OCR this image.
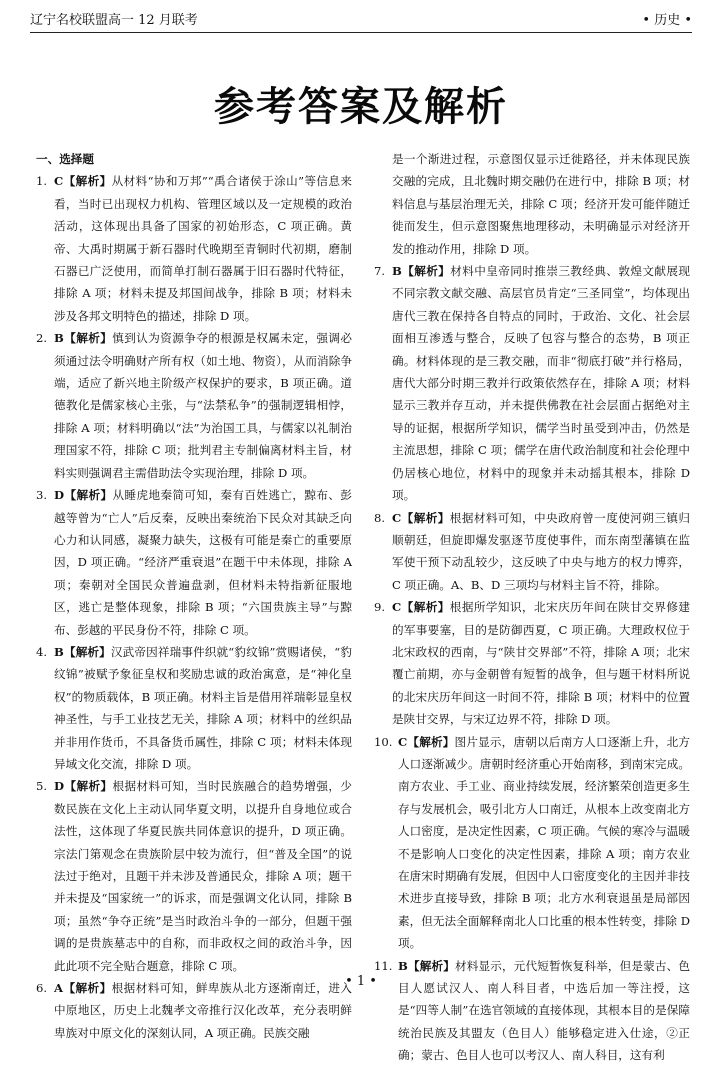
辽宁名校联盟高一 12 月联考	• 历史 •
参考答案及解析
一、选择题
1. C【解析】从材料“协和万邦”“禹合诸侯于涂山”等信息来看，当时已出现权力机构、管理区域以及一定规模的政治活动，这体现出具备了国家的初始形态，C 项正确。黄帝、大禹时期属于新石器时代晚期至青铜时代初期，磨制石器已广泛使用，而简单打制石器属于旧石器时代特征，排除 A 项；材料未提及邦国间战争，排除 B 项；材料未涉及各邦文明特色的描述，排除 D 项。
2. B【解析】慎到认为资源争夺的根源是权属未定，强调必须通过法令明确财产所有权（如土地、物资），从而消除争端，适应了新兴地主阶级产权保护的要求，B 项正确。道德教化是儒家核心主张，与“法禁私争”的强制逻辑相悖，排除 A 项；材料明确以“法”为治国工具，与儒家以礼制治理国家不符，排除 C 项；批判君主专制偏离材料主旨，材料实则强调君主需借助法令实现治理，排除 D 项。
3. D【解析】从睡虎地秦简可知，秦有百姓逃亡，黥布、彭越等曾为“亡人”后反秦，反映出秦统治下民众对其缺乏向心力和认同感，凝聚力缺失，这极有可能是秦亡的重要原因，D 项正确。“经济严重衰退”在题干中未体现，排除 A 项；秦朝对全国民众普遍盘剥，但材料未特指新征服地区，逃亡是整体现象，排除 B 项；“六国贵族主导”与黥布、彭越的平民身份不符，排除 C 项。
4. B【解析】汉武帝因祥瑞事件织就“豹纹锦”赏赐诸侯，“豹纹锦”被赋予象征皇权和奖励忠诚的政治寓意，是“神化皇权”的物质载体，B 项正确。材料主旨是借用祥瑞彰显皇权神圣性，与手工业技艺无关，排除 A 项；材料中的丝织品并非用作货币，不具备货币属性，排除 C 项；材料未体现异域文化交流，排除 D 项。
5. D【解析】根据材料可知，当时民族融合的趋势增强，少数民族在文化上主动认同华夏文明，以提升自身地位或合法性，这体现了华夏民族共同体意识的提升，D 项正确。宗法门第观念在贵族阶层中较为流行，但“普及全国”的说法过于绝对，且题干并未涉及普通民众，排除 A 项；题干并未提及“国家统一”的诉求，而是强调文化认同，排除 B 项；虽然“争夺正统”是当时政治斗争的一部分，但题干强调的是贵族墓志中的自称，而非政权之间的政治斗争，因此此项不完全贴合题意，排除 C 项。
6. A【解析】根据材料可知，鲜卑族从北方逐渐南迁，进入中原地区，历史上北魏孝文帝推行汉化改革，充分表明鲜卑族对中原文化的深刻认同，A 项正确。民族交融
是一个渐进过程，示意图仅显示迁徙路径，并未体现民族交融的完成，且北魏时期交融仍在进行中，排除 B 项；材料信息与基层治理无关，排除 C 项；经济开发可能伴随迁徙而发生，但示意图聚焦地理移动，未明确显示对经济开发的推动作用，排除 D 项。
7. B【解析】材料中皇帝同时推崇三教经典、敦煌文献展现不同宗教文献交融、高层官员肯定“三圣同堂”，均体现出唐代三教在保持各自特点的同时，于政治、文化、社会层面相互渗透与整合，反映了包容与整合的态势，B 项正确。材料体现的是三教交融，而非“彻底打破”并行格局，唐代大部分时期三教并行政策依然存在，排除 A 项；材料显示三教并存互动，并未提供佛教在社会层面占据绝对主导的证据，根据所学知识，儒学当时虽受到冲击，仍然是主流思想，排除 C 项；儒学在唐代政治制度和社会伦理中仍居核心地位，材料中的现象并未动摇其根本，排除 D 项。
8. C【解析】根据材料可知，中央政府曾一度使河朔三镇归顺朝廷，但旋即爆发驱逐节度使事件，而东南型藩镇在监军使干预下动乱较少，这反映了中央与地方的权力博弈，C 项正确。A、B、D 三项均与材料主旨不符，排除。
9. C【解析】根据所学知识，北宋庆历年间在陕甘交界修建的军事要塞，目的是防御西夏，C 项正确。大理政权位于北宋政权的西南，与“陕甘交界部”不符，排除 A 项；北宋覆亡前期，亦与金朝曾有短暂的战争，但与题干材料所说的北宋庆历年间这一时间不符，排除 B 项；材料中的位置是陕甘交界，与宋辽边界不符，排除 D 项。
10. C【解析】图片显示，唐朝以后南方人口逐渐上升，北方人口逐渐减少。唐朝时经济重心开始南移，到南宋完成。南方农业、手工业、商业持续发展，经济繁荣创造更多生存与发展机会，吸引北方人口南迁，从根本上改变南北方人口密度，是决定性因素，C 项正确。气候的寒冷与温暖不是影响人口变化的决定性因素，排除 A 项；南方农业在唐宋时期确有发展，但因中人口密度变化的主因并非技术进步直接导致，排除 B 项；北方水利衰退虽是局部因素，但无法全面解释南北人口比重的根本性转变，排除 D 项。
11. B【解析】材料显示，元代短暂恢复科举，但是蒙古、色目人愿试汉人、南人科目者，中选后加一等注授，这是“四等人制”在选官领域的直接体现，其根本目的是保障统治民族及其盟友（色目人）能够稳定进入仕途，②正确；蒙古、色目人也可以考汉人、南人科目，这有利
• 1 •
